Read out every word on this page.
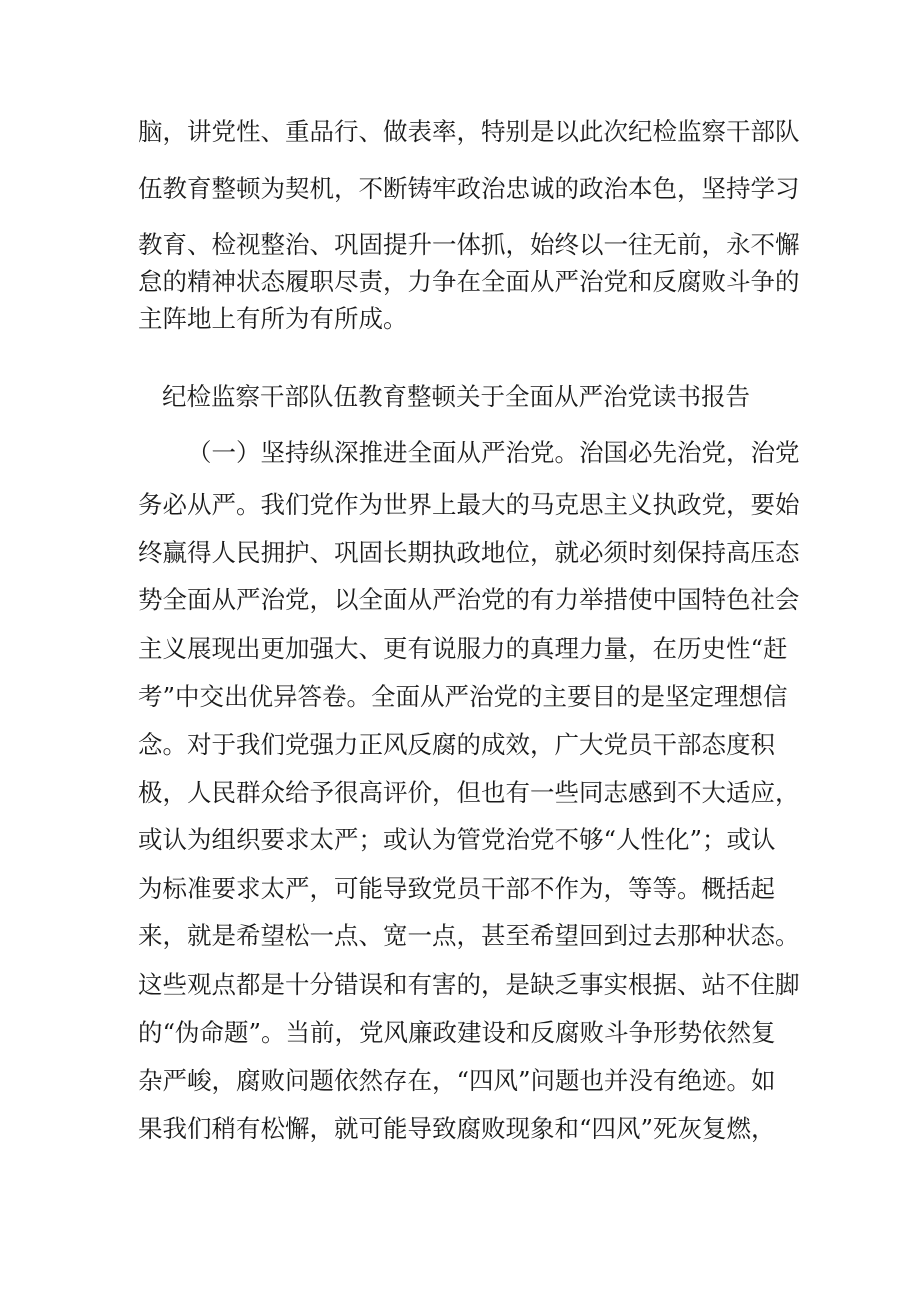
脑，讲党性、重品行、做表率，特别是以此次纪检监察干部队
伍教育整顿为契机，不断铸牢政治忠诚的政治本色，坚持学习
教育、检视整治、巩固提升一体抓，始终以一往无前，永不懈
怠的精神状态履职尽责，力争在全面从严治党和反腐败斗争的
主阵地上有所为有所成。
纪检监察干部队伍教育整顿关于全面从严治党读书报告
（一）坚持纵深推进全面从严治党。治国必先治党，治党
务必从严。我们党作为世界上最大的马克思主义执政党，要始
终赢得人民拥护、巩固长期执政地位，就必须时刻保持高压态
势全面从严治党，以全面从严治党的有力举措使中国特色社会
主义展现出更加强大、更有说服力的真理力量，在历史性“赶
考”中交出优异答卷。全面从严治党的主要目的是坚定理想信
念。对于我们党强力正风反腐的成效，广大党员干部态度积
极，人民群众给予很高评价，但也有一些同志感到不大适应，
或认为组织要求太严；或认为管党治党不够“人性化”；或认
为标准要求太严，可能导致党员干部不作为，等等。概括起
来，就是希望松一点、宽一点，甚至希望回到过去那种状态。
这些观点都是十分错误和有害的，是缺乏事实根据、站不住脚
的“伪命题”。当前，党风廉政建设和反腐败斗争形势依然复
杂严峻，腐败问题依然存在，“四风”问题也并没有绝迹。如
果我们稍有松懈，就可能导致腐败现象和“四风”死灰复燃，
